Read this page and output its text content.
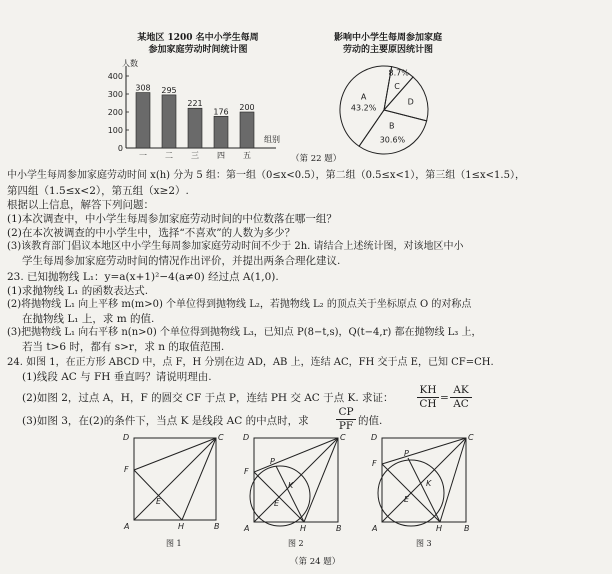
某地区 1200 名中小学生每周
参加家庭劳动时间统计图
人数
400
300
200
100
0
308
一
295
二
221
三
176
四
200
五
组别
影响中小学生每周参加家庭
劳动的主要原因统计图
A
43.2%
B
30.6%
C
8.7%
D
（第 22 题）
中小学生每周参加家庭劳动时间 x(h) 分为 5 组：第一组（0≤x<0.5），第二组（0.5≤x<1），第三组（1≤x<1.5），
第四组（1.5≤x<2），第五组（x≥2）.
根据以上信息，解答下列问题：
(1)本次调查中，中小学生每周参加家庭劳动时间的中位数落在哪一组？
(2)在本次被调查的中小学生中，选择“不喜欢”的人数为多少？
(3)该教育部门倡议本地区中小学生每周参加家庭劳动时间不少于 2h. 请结合上述统计图，对该地区中小
学生每周参加家庭劳动时间的情况作出评价，并提出两条合理化建议.
23. 已知抛物线 L₁：y=a(x+1)²−4(a≠0) 经过点 A(1,0).
(1)求抛物线 L₁ 的函数表达式.
(2)将抛物线 L₁ 向上平移 m(m>0) 个单位得到抛物线 L₂，若抛物线 L₂ 的顶点关于坐标原点 O 的对称点
在抛物线 L₁ 上，求 m 的值.
(3)把抛物线 L₁ 向右平移 n(n>0) 个单位得到抛物线 L₃，已知点 P(8−t,s)，Q(t−4,r) 都在抛物线 L₃ 上，
若当 t>6 时，都有 s>r，求 n 的取值范围.
24. 如图 1，在正方形 ABCD 中，点 F，H 分别在边 AD，AB 上，连结 AC，FH 交于点 E，已知 CF=CH.
(1)线段 AC 与 FH 垂直吗？请说明理由.
(2)如图 2，过点 A，H，F 的圆交 CF 于点 P，连结 PH 交 AC 于点 K. 求证：
KH
CH =
AK
AC
(3)如图 3，在(2)的条件下，当点 K 是线段 AC 的中点时，求
CP
PF 的值.
D	C
F
E
A	H	B
图 1
D	C
F
P
K
E
A	H	B
图 2
D	C
F
P
K
E
A	H	B
图 3
（第 24 题）
